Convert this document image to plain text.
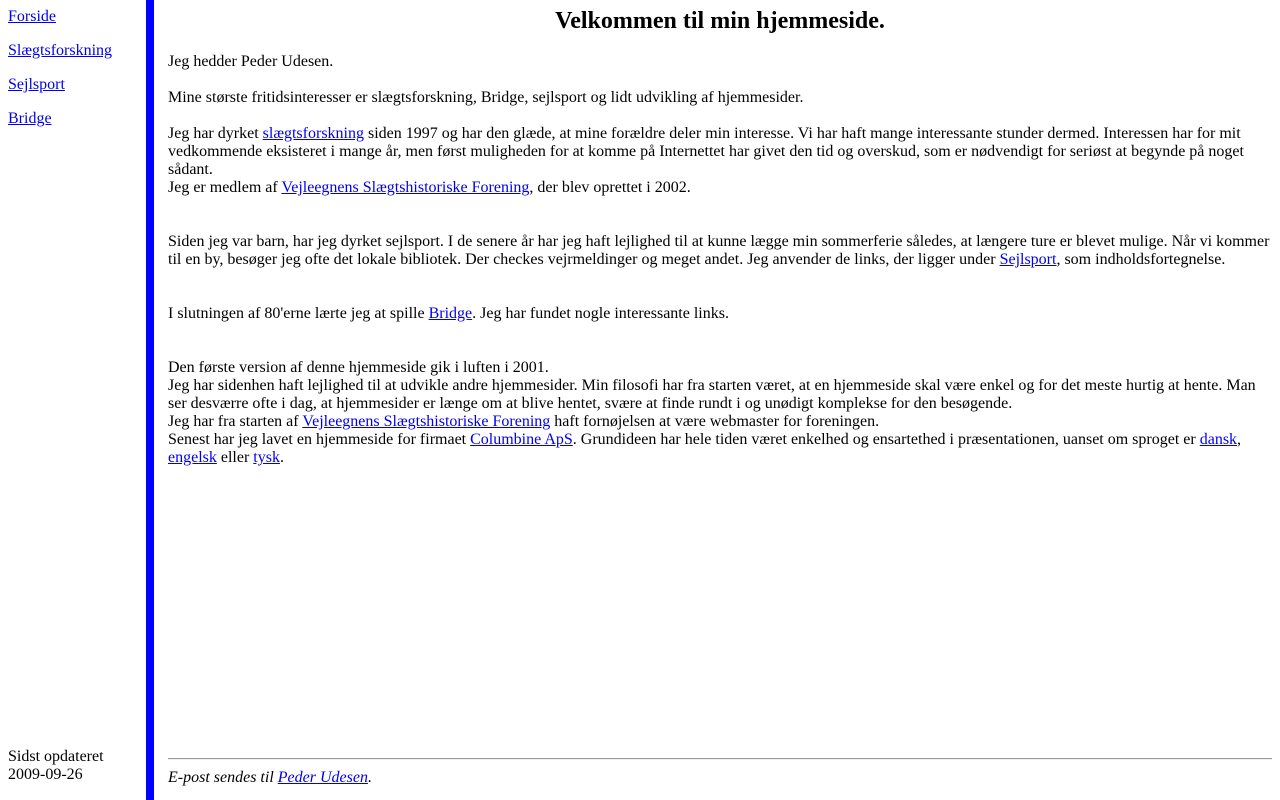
Forside
Slægtsforskning
Sejlsport
Bridge
Sidst opdateret
2009-09-26
Velkommen til min hjemmeside.

Jeg hedder Peder Udesen.

Mine største fritidsinteresser er slægtsforskning, Bridge, sejlsport og lidt udvikling af hjemmesider.

Jeg har dyrket slægtsforskning siden 1997 og har den glæde, at mine forældre deler min interesse. Vi har haft mange interessante stunder dermed. Interessen har for mit vedkommende eksisteret i mange år, men først muligheden for at komme på Internettet har givet den tid og overskud, som er nødvendigt for seriøst at begynde på noget sådant.
Jeg er medlem af Vejleegnens Slægtshistoriske Forening, der blev oprettet i 2002.

Siden jeg var barn, har jeg dyrket sejlsport. I de senere år har jeg haft lejlighed til at kunne lægge min sommerferie således, at længere ture er blevet mulige. Når vi kommer til en by, besøger jeg ofte det lokale bibliotek. Der checkes vejrmeldinger og meget andet. Jeg anvender de links, der ligger under Sejlsport, som indholdsfortegnelse.

I slutningen af 80'erne lærte jeg at spille Bridge. Jeg har fundet nogle interessante links.

Den første version af denne hjemmeside gik i luften i 2001.
Jeg har sidenhen haft lejlighed til at udvikle andre hjemmesider. Min filosofi har fra starten været, at en hjemmeside skal være enkel og for det meste hurtig at hente. Man ser desværre ofte i dag, at hjemmesider er længe om at blive hentet, svære at finde rundt i og unødigt komplekse for den besøgende.
Jeg har fra starten af Vejleegnens Slægtshistoriske Forening haft fornøjelsen at være webmaster for foreningen.
Senest har jeg lavet en hjemmeside for firmaet Columbine ApS. Grundideen har hele tiden været enkelhed og ensartethed i præsentationen, uanset om sproget er dansk, engelsk eller tysk.

E-post sendes til Peder Udesen.
